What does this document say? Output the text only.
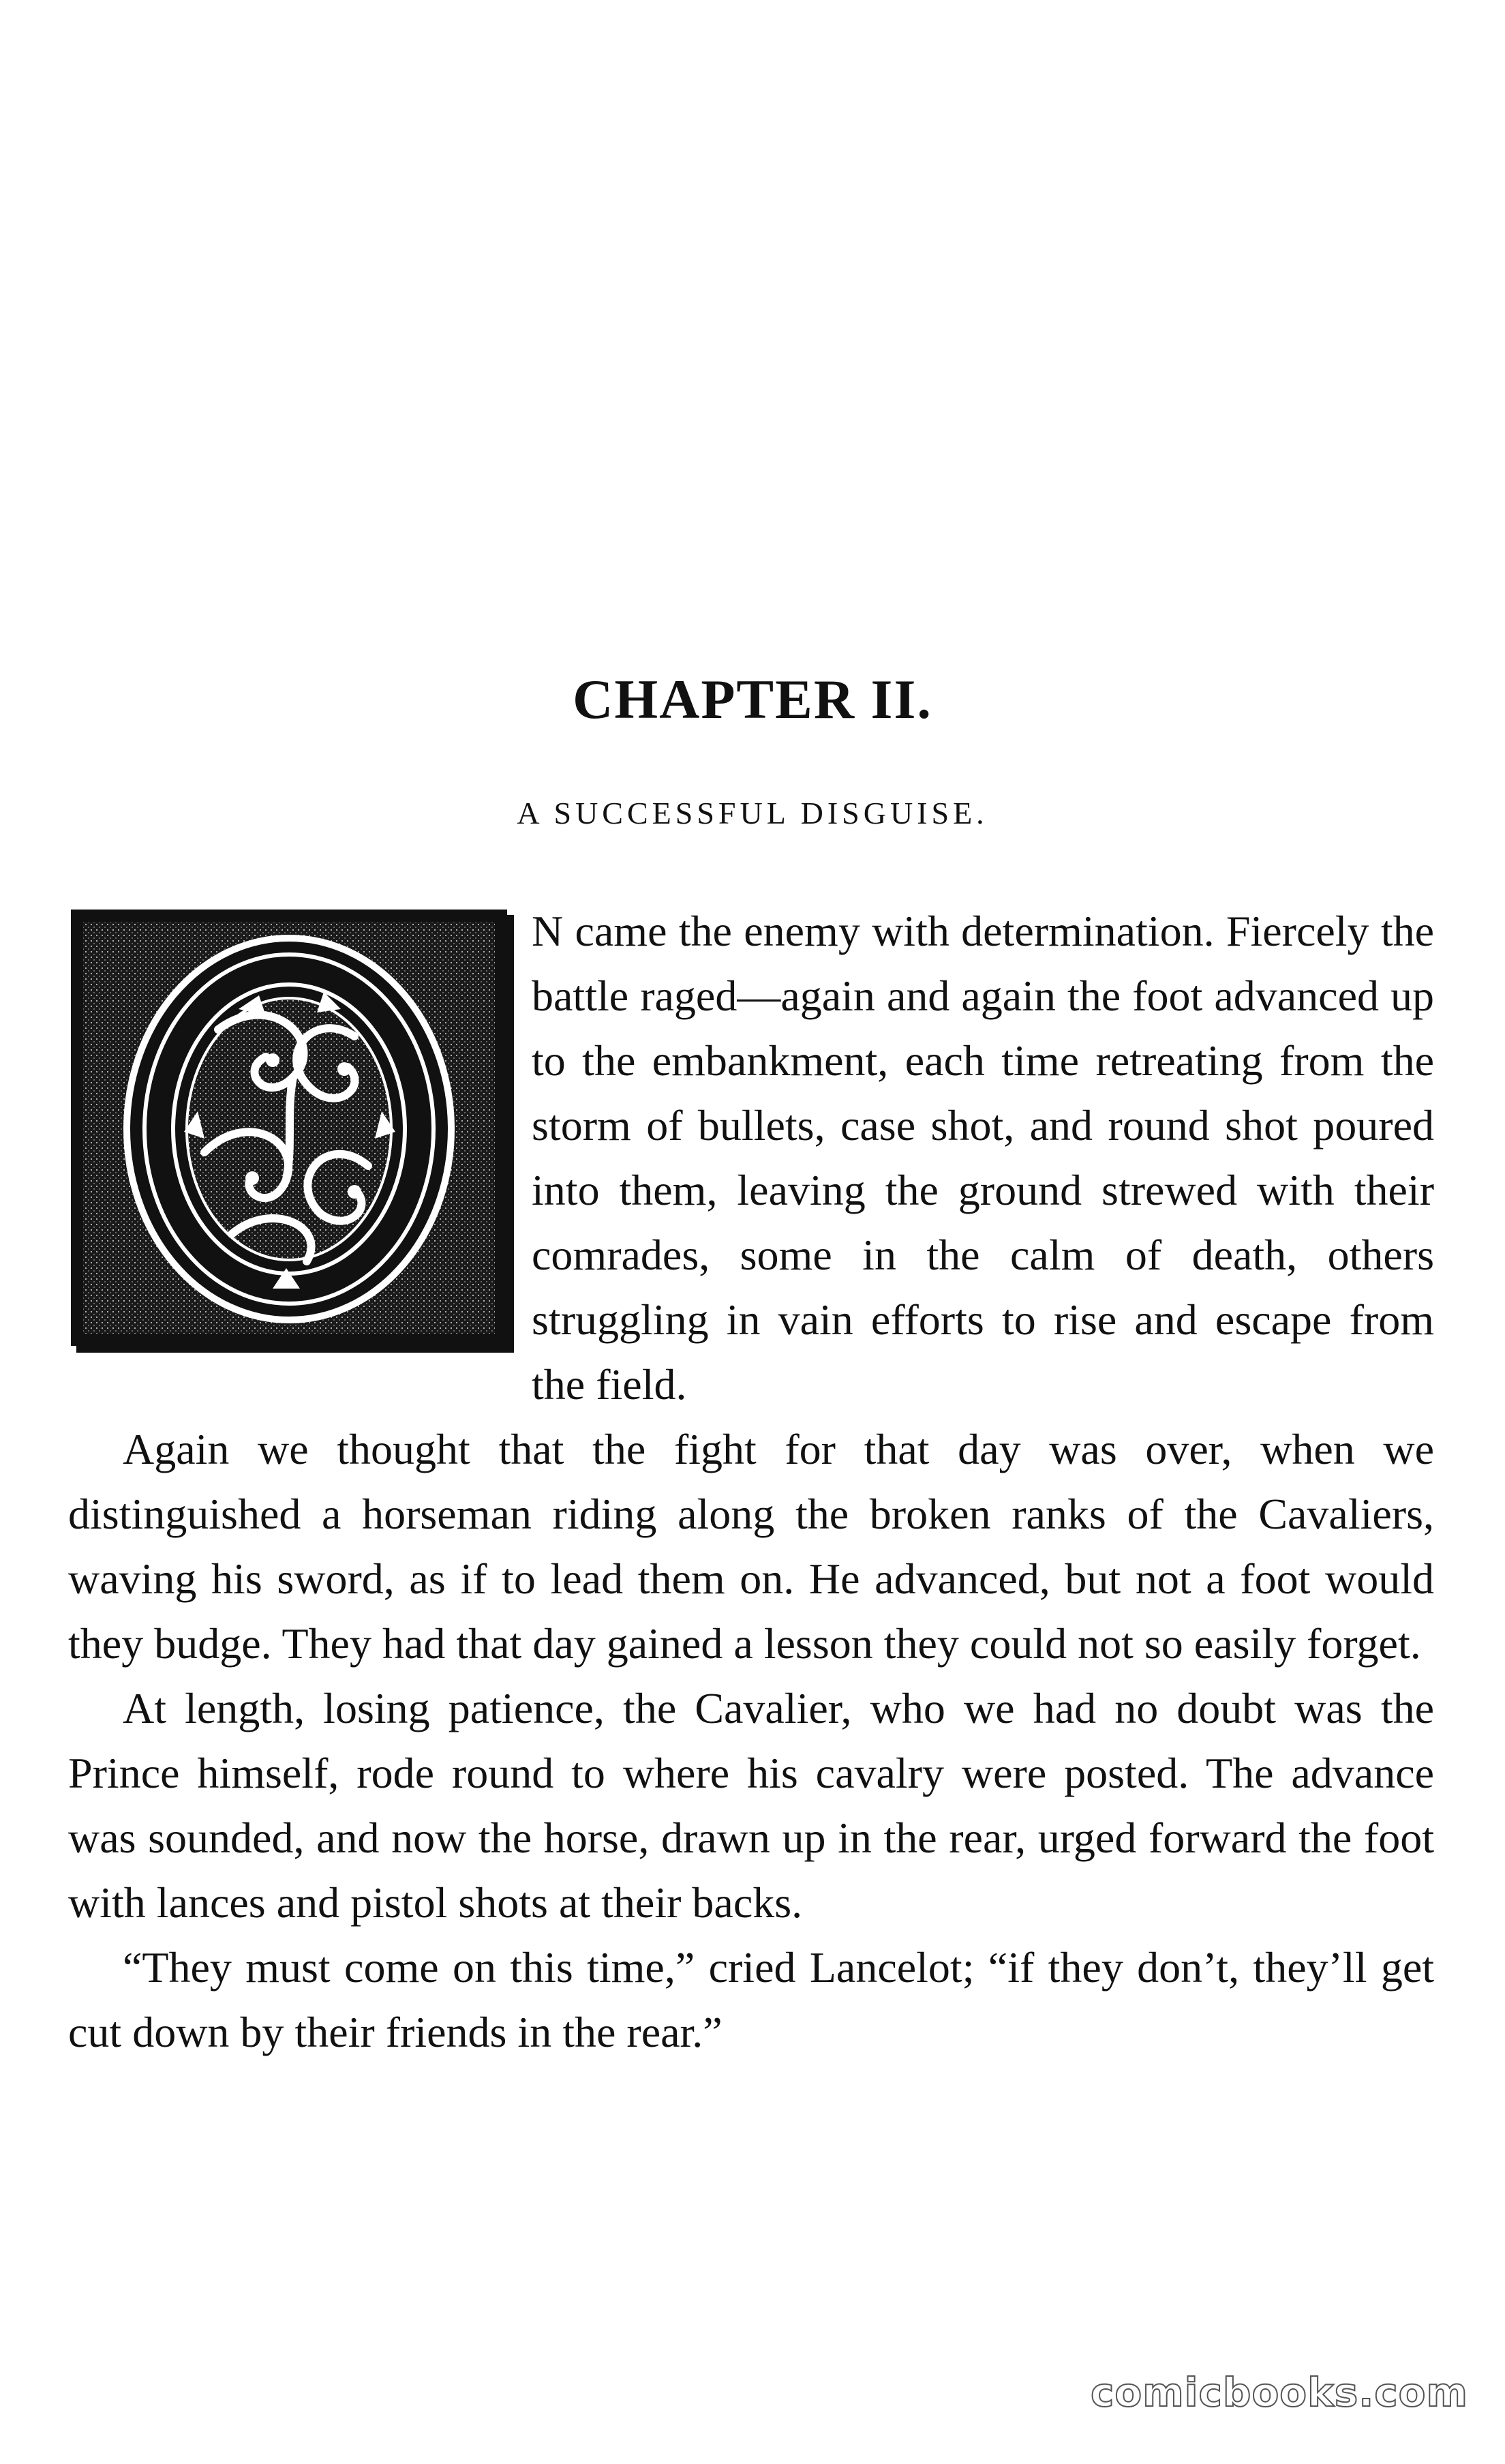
CHAPTER II.
A SUCCESSFUL DISGUISE.

N came the enemy with determination. Fiercely the battle raged—again and again the foot advanced up to the embankment, each time retreating from the storm of bullets, case shot, and round shot poured into them, leaving the ground strewed with their comrades, some in the calm of death, others struggling in vain efforts to rise and escape from the field.

Again we thought that the fight for that day was over, when we distinguished a horseman riding along the broken ranks of the Cavaliers, waving his sword, as if to lead them on. He advanced, but not a foot would they budge. They had that day gained a lesson they could not so easily forget.

At length, losing patience, the Cavalier, who we had no doubt was the Prince himself, rode round to where his cavalry were posted. The advance was sounded, and now the horse, drawn up in the rear, urged forward the foot with lances and pistol shots at their backs.

“They must come on this time,” cried Lancelot; “if they don’t, they’ll get cut down by their friends in the rear.”

comicbooks.com
